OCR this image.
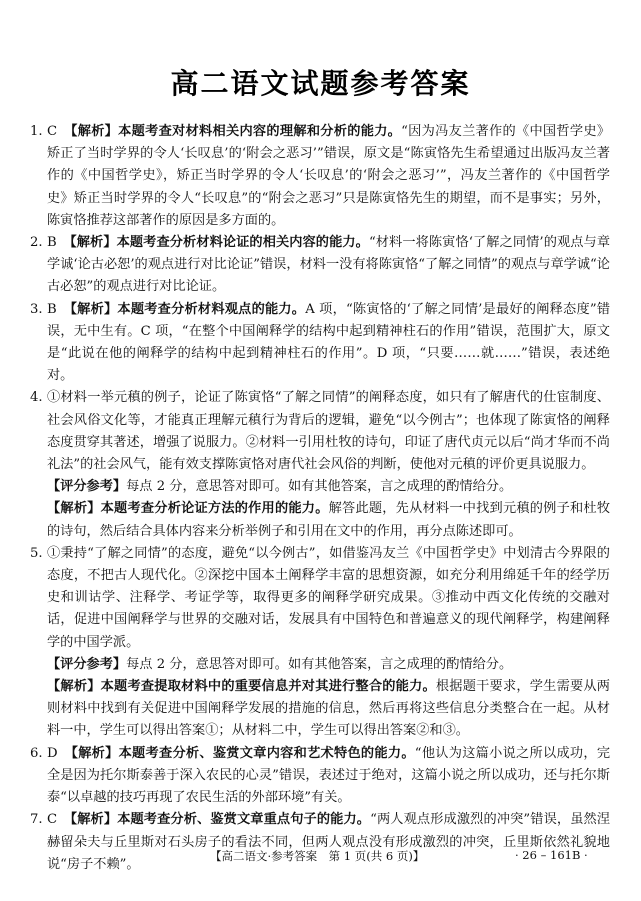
高二语文试题参考答案

1. C　 【解析】本题考查对材料相关内容的理解和分析的能力。“因为冯友兰著作的《中国哲学史》矫正了当时学界的令人‘长叹息’的‘附会之恶习’”错误，原文是“陈寅恪先生希望通过出版冯友兰著作的《中国哲学史》，矫正当时学界的令人‘长叹息’的‘附会之恶习’”，冯友兰著作的《中国哲学史》矫正当时学界的令人“长叹息”的“附会之恶习”只是陈寅恪先生的期望，而不是事实；另外，陈寅恪推荐这部著作的原因是多方面的。

2. B　 【解析】本题考查分析材料论证的相关内容的能力。“材料一将陈寅恪‘了解之同情’的观点与章学诚‘论古必恕’的观点进行对比论证”错误，材料一没有将陈寅恪“了解之同情”的观点与章学诚“论古必恕”的观点进行对比论证。

3. B　 【解析】本题考查分析材料观点的能力。A 项，“陈寅恪的‘了解之同情’是最好的阐释态度”错误，无中生有。C 项，“在整个中国阐释学的结构中起到精神柱石的作用”错误，范围扩大，原文是“此说在他的阐释学的结构中起到精神柱石的作用”。D 项，“只要……就……”错误，表述绝对。

4. ①材料一举元稹的例子，论证了陈寅恪“了解之同情”的阐释态度，如只有了解唐代的仕宦制度、社会风俗文化等，才能真正理解元稹行为背后的逻辑，避免“以今例古”；也体现了陈寅恪的阐释态度贯穿其著述，增强了说服力。②材料一引用杜牧的诗句，印证了唐代贞元以后“尚才华而不尚礼法”的社会风气，能有效支撑陈寅恪对唐代社会风俗的判断，使他对元稹的评价更具说服力。

【评分参考】每点 2 分，意思答对即可。如有其他答案，言之成理的酌情给分。

【解析】本题考查分析论证方法的作用的能力。解答此题，先从材料一中找到元稹的例子和杜牧的诗句，然后结合具体内容来分析举例子和引用在文中的作用，再分点陈述即可。

5. ①秉持“了解之同情”的态度，避免“以今例古”，如借鉴冯友兰《中国哲学史》中划清古今界限的态度，不把古人现代化。②深挖中国本土阐释学丰富的思想资源，如充分利用绵延千年的经学历史和训诂学、注释学、考证学等，取得更多的阐释学研究成果。③推动中西文化传统的交融对话，促进中国阐释学与世界的交融对话，发展具有中国特色和普遍意义的现代阐释学，构建阐释学的中国学派。

【评分参考】每点 2 分，意思答对即可。如有其他答案，言之成理的酌情给分。

【解析】本题考查提取材料中的重要信息并对其进行整合的能力。根据题干要求，学生需要从两则材料中找到有关促进中国阐释学发展的措施的信息，然后再将这些信息分类整合在一起。从材料一中，学生可以得出答案①；从材料二中，学生可以得出答案②和③。

6. D　 【解析】本题考查分析、鉴赏文章内容和艺术特色的能力。“他认为这篇小说之所以成功，完全是因为托尔斯泰善于深入农民的心灵”错误，表述过于绝对，这篇小说之所以成功，还与托尔斯泰“以卓越的技巧再现了农民生活的外部环境”有关。

7. C　 【解析】本题考查分析、鉴赏文章重点句子的能力。“两人观点形成激烈的冲突”错误，虽然涅赫留朵夫与丘里斯对石头房子的看法不同，但两人观点没有形成激烈的冲突，丘里斯依然礼貌地说“房子不赖”。

【高二语文·参考答案　第 1 页(共 6 页)】	· 26 – 161B ·
